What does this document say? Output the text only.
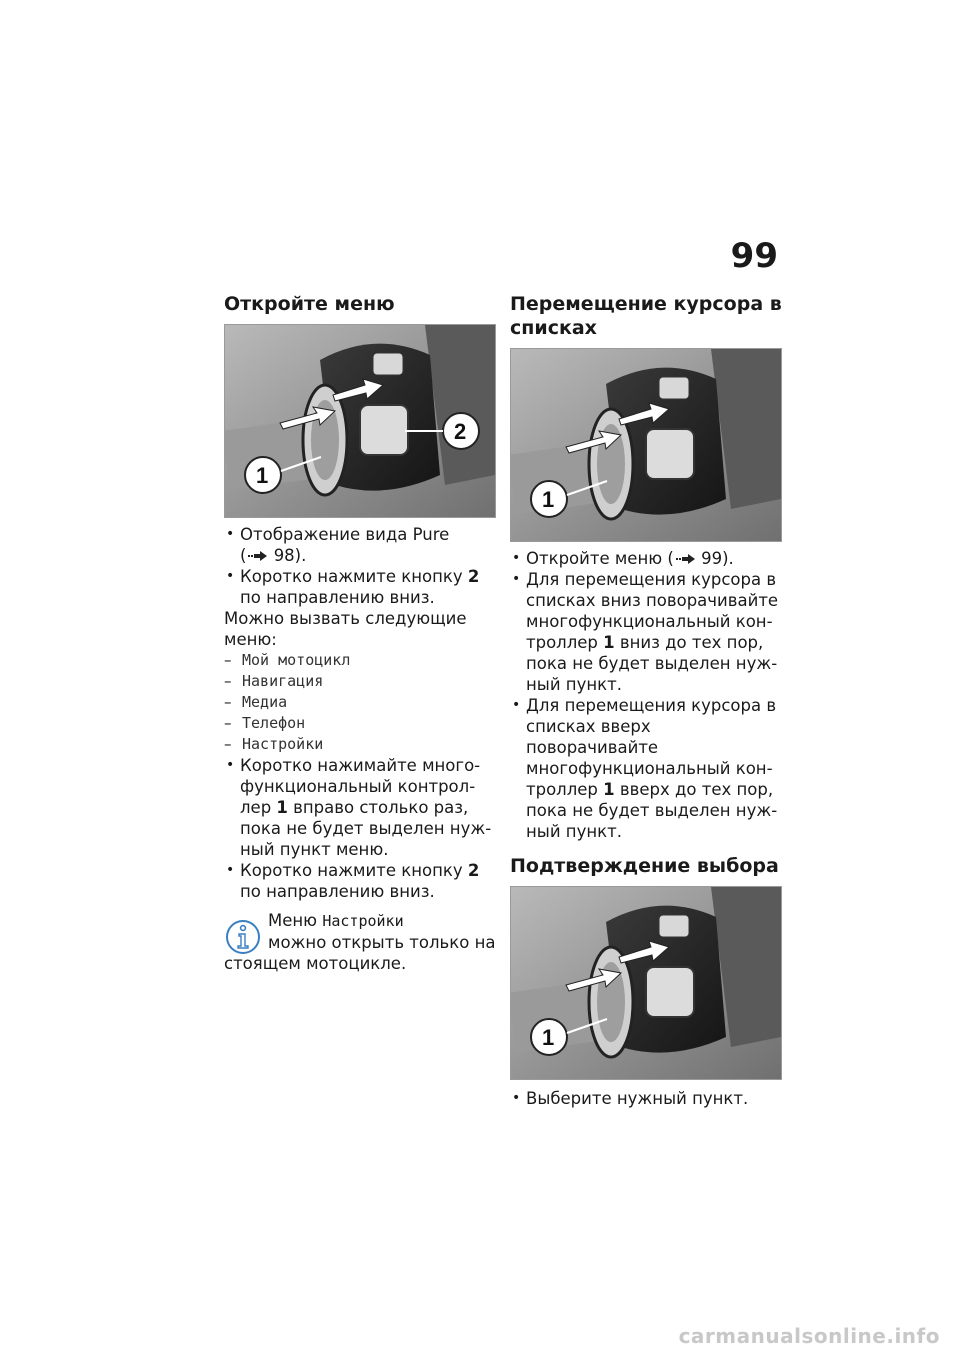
99
Откройте меню
1
2
• Отображение вида Pure
( 98).
• Коротко нажмите кнопку 2 по направлению вниз.

Можно вызвать следующие меню:

– Мой мотоцикл
– Навигация
– Медиа
– Телефон
– Настройки
• Коротко нажимайте многофункциональный контроллер 1 вправо столько раз, пока не будет выделен нужный пункт меню.
• Коротко нажмите кнопку 2 по направлению вниз.
Меню Настройки
можно открыть только на
стоящем мотоцикле.
Перемещение курсора в списках
1
• Откройте меню ( 99).
• Для перемещения курсора в списках вниз поворачивайте многофункциональный контроллер 1 вниз до тех пор, пока не будет выделен нужный пункт.
• Для перемещения курсора в списках вверх поворачивайте многофункциональный контроллер 1 вверх до тех пор, пока не будет выделен нужный пункт.
Подтверждение выбора
1
• Выберите нужный пункт.
carmanualsonline.info
